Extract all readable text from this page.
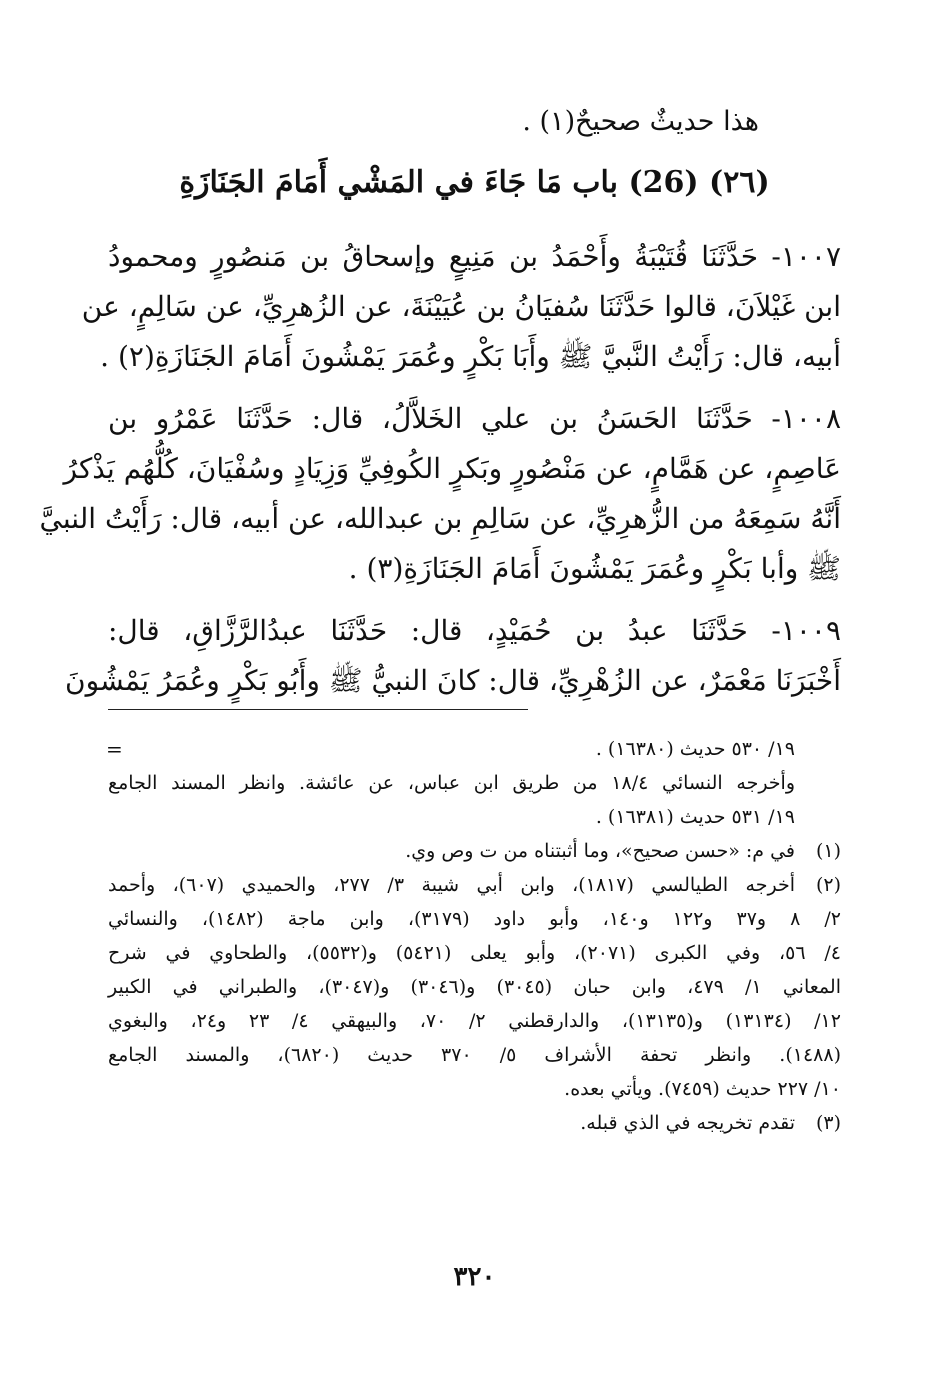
هذا حديثٌ صحيحٌ(١) .
(٢٦) (26) باب مَا جَاءَ في المَشْي أَمَامَ الجَنَازَةِ
١٠٠٧- حَدَّثَنَا قُتَيْبَةُ وأَحْمَدُ بن مَنِيعٍ وإسحاقُ بن مَنصُورٍ ومحمودُ
ابن غَيْلاَنَ، قالوا حَدَّثَنَا سُفيَانُ بن عُيَيْنَةَ، عن الزُهرِيِّ، عن سَالِمٍ، عن
أبيه، قال: رَأَيْتُ النَّبيَّ ﷺ وأَبَا بَكْرٍ وعُمَرَ يَمْشُونَ أَمَامَ الجَنَازَةِ(٢) .
١٠٠٨- حَدَّثَنَا الحَسَنُ بن علي الخَلاَّلُ، قال: حَدَّثَنَا عَمْرُو بن
عَاصِمٍ، عن هَمَّامٍ، عن مَنْصُورٍ وبَكرٍ الكُوفِيِّ وَزِيَادٍ وسُفْيَانَ، كُلُّهُم يَذْكرُ
أَنَّهُ سَمِعَهُ من الزُّهرِيِّ، عن سَالِمِ بن عبدالله، عن أبيه، قال: رَأَيْتُ النبيَّ
ﷺ وأبا بَكْرٍ وعُمَرَ يَمْشُونَ أَمَامَ الجَنَازَةِ(٣) .
١٠٠٩- حَدَّثَنَا عبدُ بن حُمَيْدٍ، قال: حَدَّثَنَا عبدُالرَّزَّاقِ، قال:
أَخْبَرَنَا مَعْمَرٌ، عن الزُهْرِيِّ، قال: كانَ النبيُّ ﷺ وأَبُو بَكْرٍ وعُمَرُ يَمْشُونَ
=	١٩/ ٥٣٠ حديث (١٦٣٨٠) .
وأخرجه النسائي ١٨/٤ من طريق ابن عباس، عن عائشة. وانظر المسند الجامع
١٩/ ٥٣١ حديث (١٦٣٨١) .
(١)
في م: «حسن صحيح»، وما أثبتناه من ت وص وي.
(٢)
أخرجه الطيالسي (١٨١٧)، وابن أبي شيبة ٣/ ٢٧٧، والحميدي (٦٠٧)، وأحمد
٢/ ٨ و٣٧ و١٢٢ و١٤٠، وأبو داود (٣١٧٩)، وابن ماجة (١٤٨٢)، والنسائي
٤/ ٥٦، وفي الكبرى (٢٠٧١)، وأبو يعلى (٥٤٢١) و(٥٥٣٢)، والطحاوي في شرح
المعاني ١/ ٤٧٩، وابن حبان (٣٠٤٥) و(٣٠٤٦) و(٣٠٤٧)، والطبراني في الكبير
١٢/ (١٣١٣٤) و(١٣١٣٥)، والدارقطني ٢/ ٧٠، والبيهقي ٤/ ٢٣ و٢٤، والبغوي
(١٤٨٨). وانظر تحفة الأشراف ٥/ ٣٧٠ حديث (٦٨٢٠)، والمسند الجامع
١٠/ ٢٢٧ حديث (٧٤٥٩). ويأتي بعده.
(٣)
تقدم تخريجه في الذي قبله.
٣٢٠
